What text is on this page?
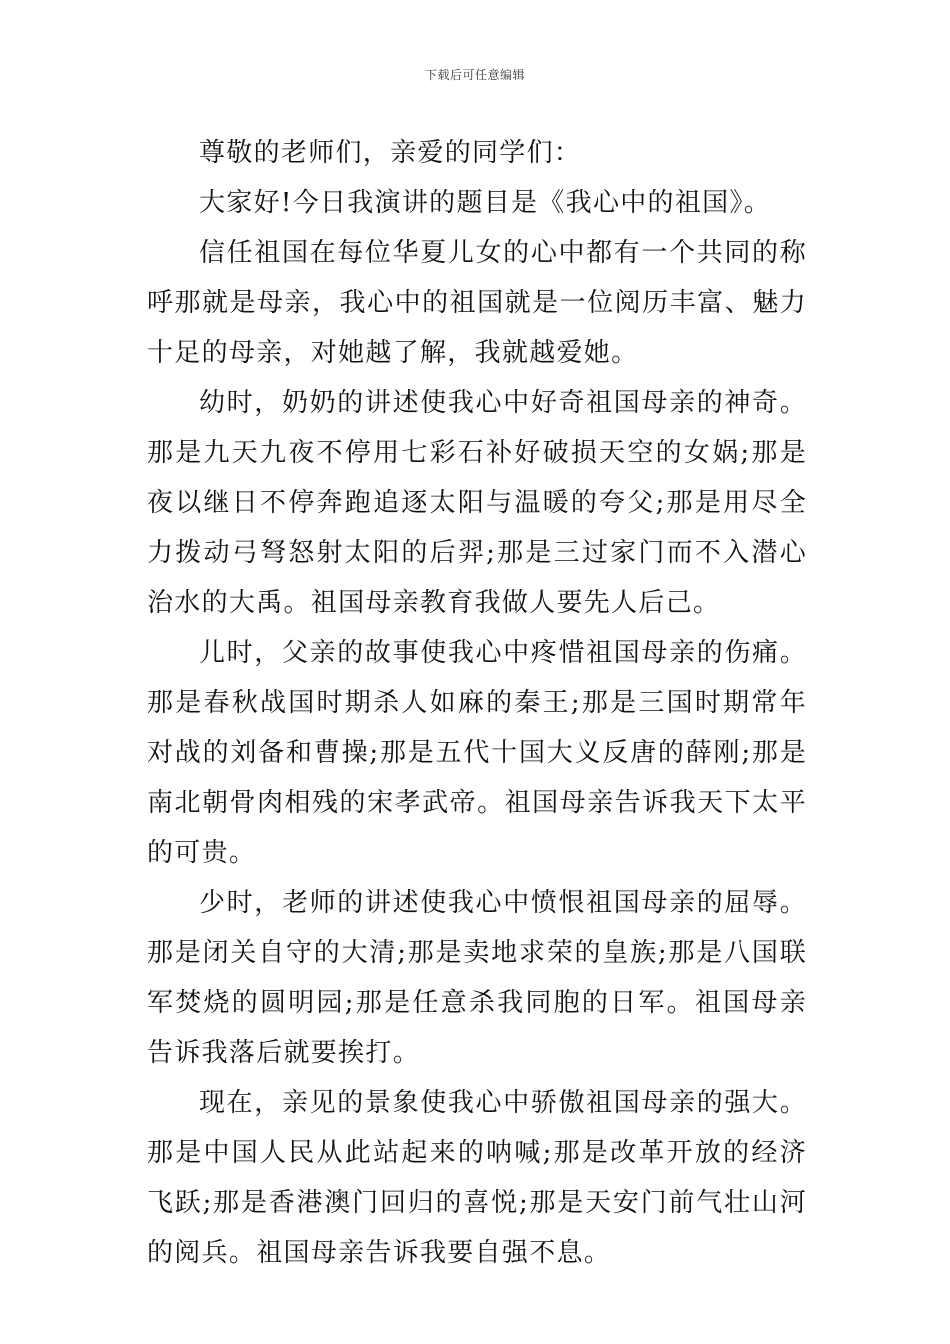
下载后可任意编辑

尊敬的老师们，亲爱的同学们：

大家好!今日我演讲的题目是《我心中的祖国》。

信任祖国在每位华夏儿女的心中都有一个共同的称呼那就是母亲，我心中的祖国就是一位阅历丰富、魅力十足的母亲，对她越了解，我就越爱她。

幼时，奶奶的讲述使我心中好奇祖国母亲的神奇。那是九天九夜不停用七彩石补好破损天空的女娲;那是夜以继日不停奔跑追逐太阳与温暖的夸父;那是用尽全力拨动弓弩怒射太阳的后羿;那是三过家门而不入潜心治水的大禹。祖国母亲教育我做人要先人后己。

儿时，父亲的故事使我心中疼惜祖国母亲的伤痛。那是春秋战国时期杀人如麻的秦王;那是三国时期常年对战的刘备和曹操;那是五代十国大义反唐的薛刚;那是南北朝骨肉相残的宋孝武帝。祖国母亲告诉我天下太平的可贵。

少时，老师的讲述使我心中愤恨祖国母亲的屈辱。那是闭关自守的大清;那是卖地求荣的皇族;那是八国联军焚烧的圆明园;那是任意杀我同胞的日军。祖国母亲告诉我落后就要挨打。

现在，亲见的景象使我心中骄傲祖国母亲的强大。那是中国人民从此站起来的呐喊;那是改革开放的经济飞跃;那是香港澳门回归的喜悦;那是天安门前气壮山河的阅兵。祖国母亲告诉我要自强不息。
